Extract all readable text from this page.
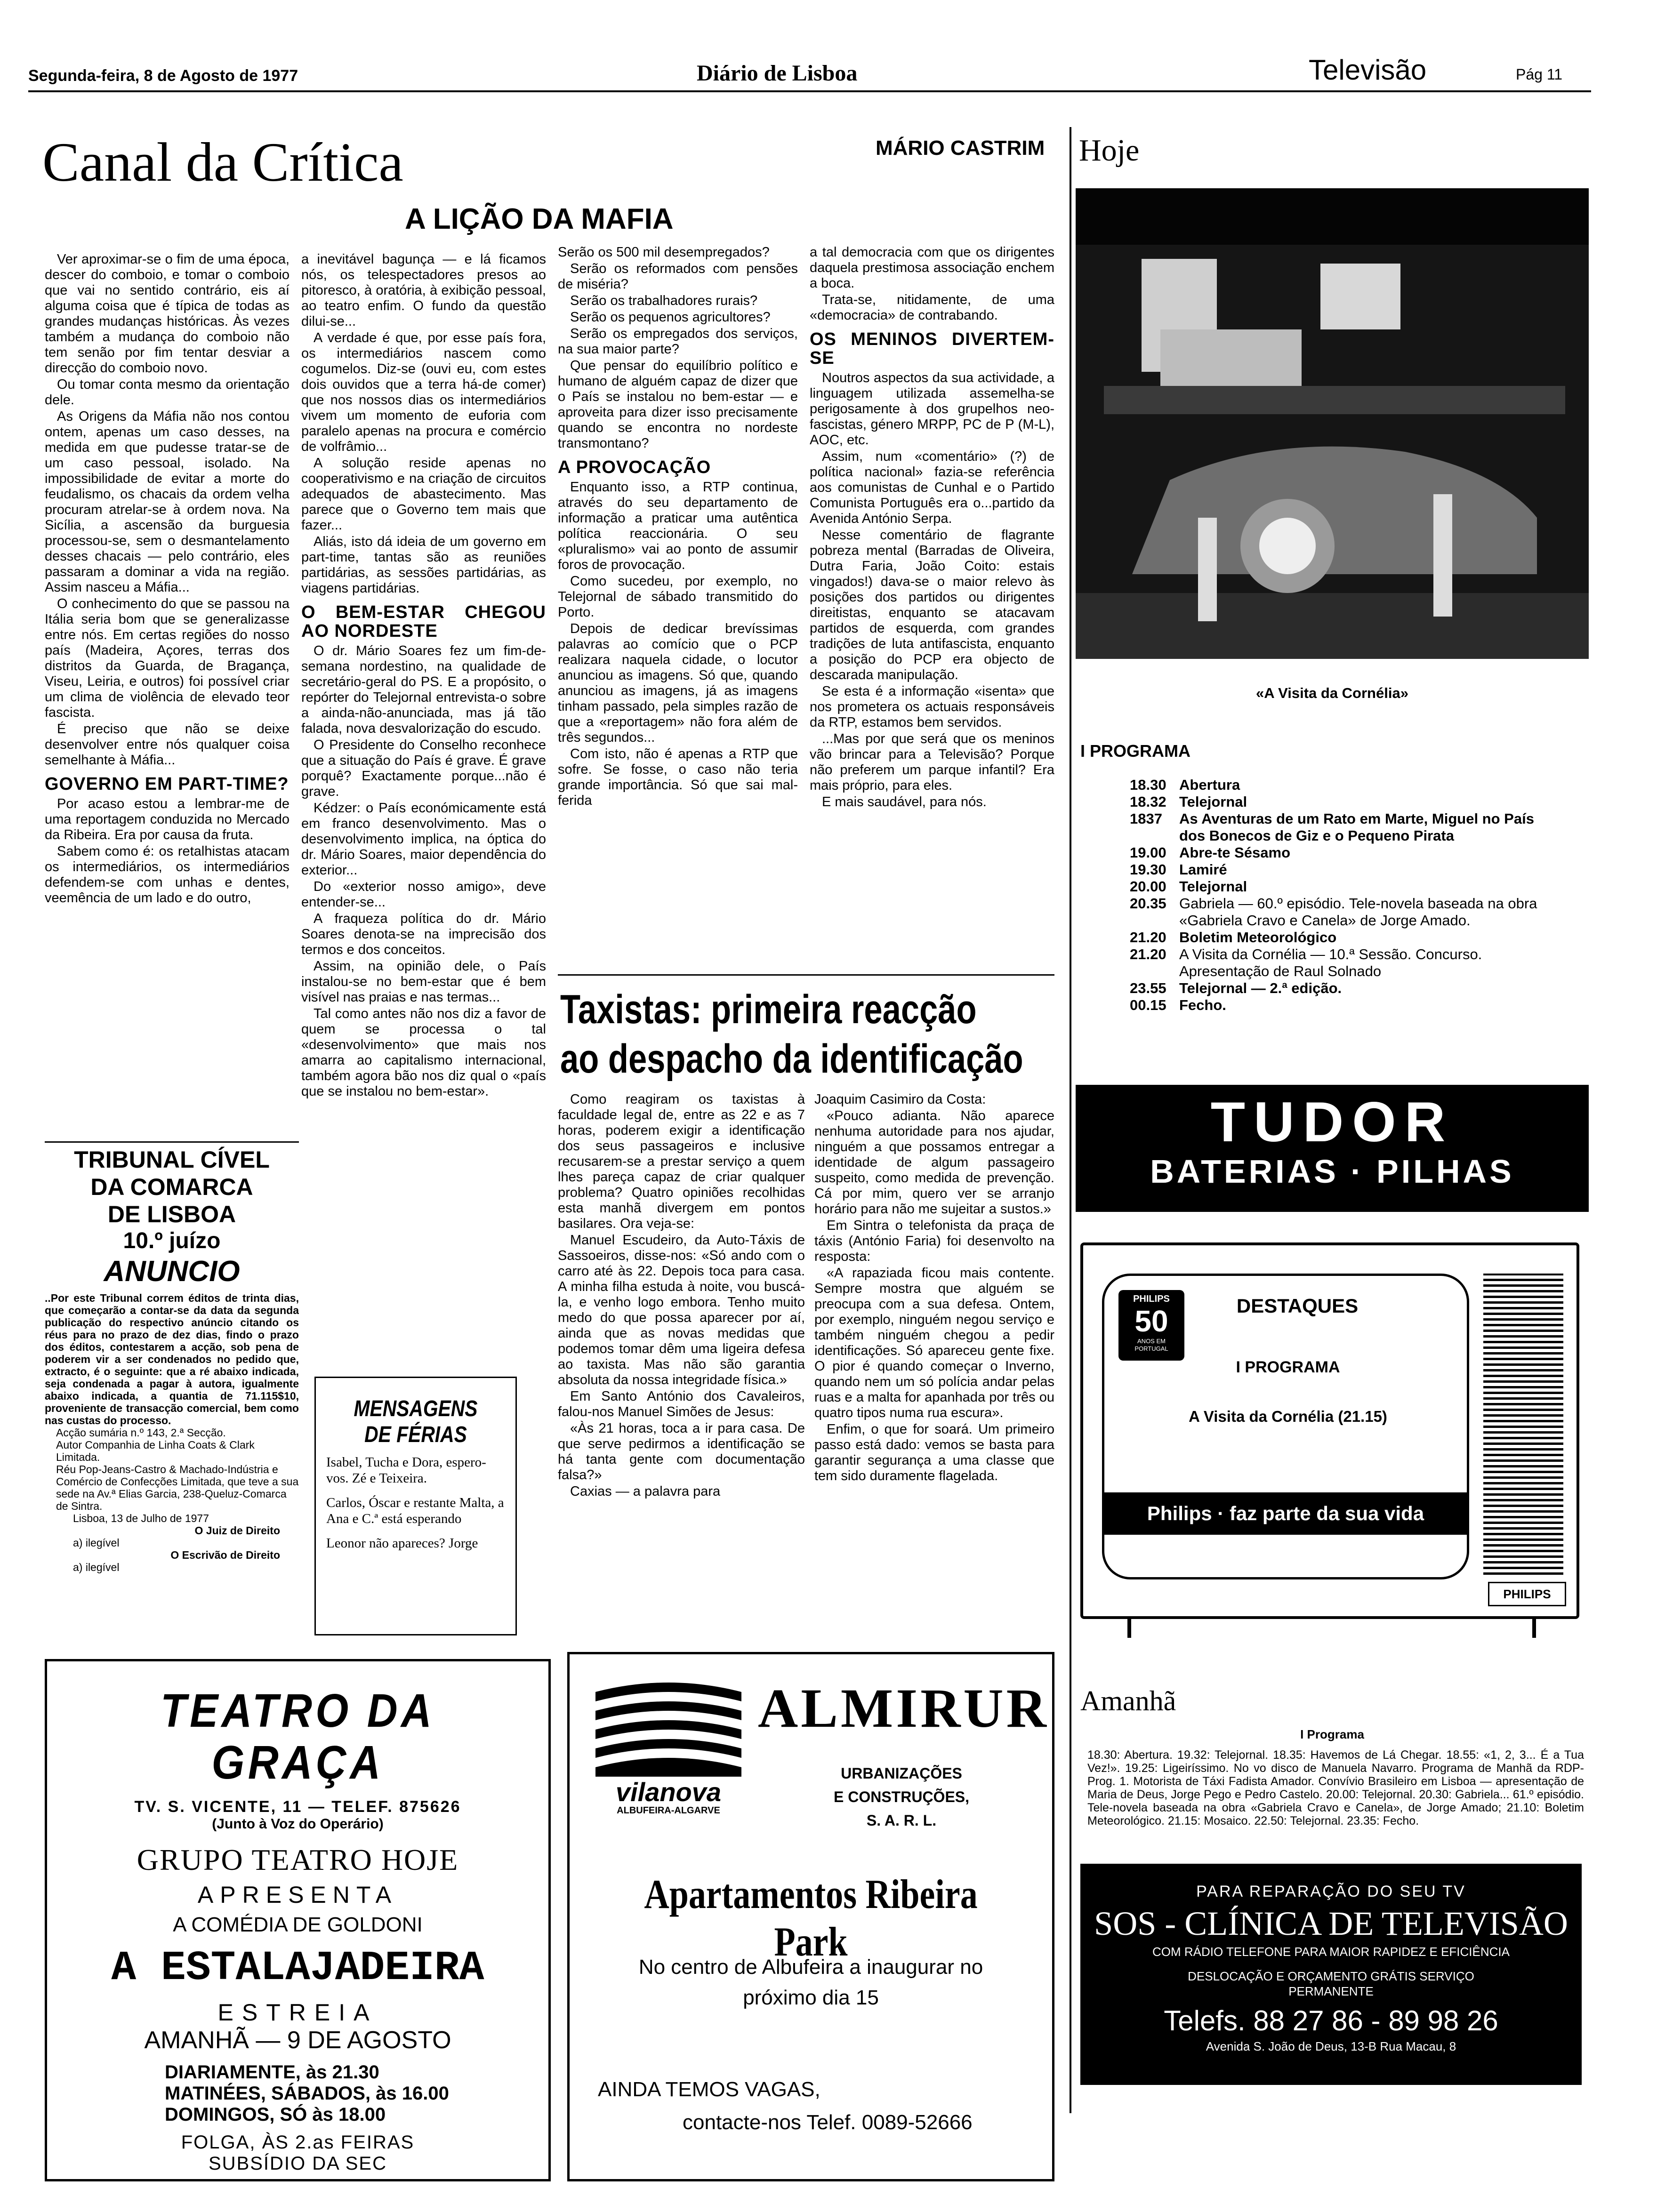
Segunda-feira, 8 de Agosto de 1977	Diário de Lisboa	Televisão	Pág 11
Canal da Crítica	MÁRIO CASTRIM
A LIÇÃO DA MAFIA

Ver aproximar-se o fim de uma época, descer do comboio, e tomar o comboio que vai no sentido contrário, eis aí alguma coisa que é típica de todas as grandes mudanças históricas. Às vezes também a mudança do comboio não tem senão por fim tentar desviar a direcção do comboio novo.

Ou tomar conta mesmo da orientação dele.

As Origens da Máfia não nos contou ontem, apenas um caso desses, na medida em que pudesse tratar-se de um caso pessoal, isolado. Na impossibilidade de evitar a morte do feudalismo, os chacais da ordem velha procuram atrelar-se à ordem nova. Na Sicília, a ascensão da burguesia processou-se, sem o desmantelamento desses chacais — pelo contrário, eles passaram a dominar a vida na região. Assim nasceu a Máfia...

O conhecimento do que se passou na Itália seria bom que se generalizasse entre nós. Em certas regiões do nosso país (Madeira, Açores, terras dos distritos da Guarda, de Bragança, Viseu, Leiria, e outros) foi possível criar um clima de violência de elevado teor fascista.

É preciso que não se deixe desenvolver entre nós qualquer coisa semelhante à Máfia...

GOVERNO EM PART-TIME?

Por acaso estou a lembrar-me de uma reportagem conduzida no Mercado da Ribeira. Era por causa da fruta.

Sabem como é: os retalhistas atacam os intermediários, os intermediários defendem-se com unhas e dentes, veemência de um lado e do outro,

a inevitável bagunça — e lá ficamos nós, os telespectadores presos ao pitoresco, à oratória, à exibição pessoal, ao teatro enfim. O fundo da questão dilui-se...

A verdade é que, por esse país fora, os intermediários nascem como cogumelos. Diz-se (ouvi eu, com estes dois ouvidos que a terra há-de comer) que nos nossos dias os intermediários vivem um momento de euforia com paralelo apenas na procura e comércio de volfrâmio...

A solução reside apenas no cooperativismo e na criação de circuitos adequados de abastecimento. Mas parece que o Governo tem mais que fazer...

Aliás, isto dá ideia de um governo em part-time, tantas são as reuniões partidárias, as sessões partidárias, as viagens partidárias.

O BEM-ESTAR CHEGOU AO NORDESTE

O dr. Mário Soares fez um fim-de-semana nordestino, na qualidade de secretário-geral do PS. E a propósito, o repórter do Telejornal entrevista-o sobre a ainda-não-anunciada, mas já tão falada, nova desvalorização do escudo.

O Presidente do Conselho reconhece que a situação do País é grave. É grave porquê? Exactamente porque...não é grave.

Kédzer: o País económicamente está em franco desenvolvimento. Mas o desenvolvimento implica, na óptica do dr. Mário Soares, maior dependência do exterior...

Do «exterior nosso amigo», deve entender-se...

A fraqueza política do dr. Mário Soares denota-se na imprecisão dos termos e dos conceitos.

Assim, na opinião dele, o País instalou-se no bem-estar que é bem visível nas praias e nas termas...

Tal como antes não nos diz a favor de quem se processa o tal «desenvolvimento» que mais nos amarra ao capitalismo internacional, também agora bão nos diz qual o «país que se instalou no bem-estar».

Serão os 500 mil desempregados?

Serão os reformados com pensões de miséria?

Serão os trabalhadores rurais?

Serão os pequenos agricultores?

Serão os empregados dos serviços, na sua maior parte?

Que pensar do equilíbrio político e humano de alguém capaz de dizer que o País se instalou no bem-estar — e aproveita para dizer isso precisamente quando se encontra no nordeste transmontano?

A PROVOCAÇÃO

Enquanto isso, a RTP continua, através do seu departamento de informação a praticar uma autêntica política reaccionária. O seu «pluralismo» vai ao ponto de assumir foros de provocação.

Como sucedeu, por exemplo, no Telejornal de sábado transmitido do Porto.

Depois de dedicar brevíssimas palavras ao comício que o PCP realizara naquela cidade, o locutor anunciou as imagens. Só que, quando anunciou as imagens, já as imagens tinham passado, pela simples razão de que a «reportagem» não fora além de três segundos...

Com isto, não é apenas a RTP que sofre. Se fosse, o caso não teria grande importância. Só que sai mal-ferida

a tal democracia com que os dirigentes daquela prestimosa associação enchem a boca.

Trata-se, nitidamente, de uma «democracia» de contrabando.

OS MENINOS DIVERTEM-SE

Noutros aspectos da sua actividade, a linguagem utilizada assemelha-se perigosamente à dos grupelhos neo-fascistas, género MRPP, PC de P (M-L), AOC, etc.

Assim, num «comentário» (?) de política nacional» fazia-se referência aos comunistas de Cunhal e o Partido Comunista Português era o...partido da Avenida António Serpa.

Nesse comentário de flagrante pobreza mental (Barradas de Oliveira, Dutra Faria, João Coito: estais vingados!) dava-se o maior relevo às posições dos partidos ou dirigentes direitistas, enquanto se atacavam partidos de esquerda, com grandes tradições de luta antifascista, enquanto a posição do PCP era objecto de descarada manipulação.

Se esta é a informação «isenta» que nos prometera os actuais responsáveis da RTP, estamos bem servidos.

...Mas por que será que os meninos vão brincar para a Televisão? Porque não preferem um parque infantil? Era mais próprio, para eles.

E mais saudável, para nós.

Taxistas: primeira reacção
ao despacho da identificação

Como reagiram os taxistas à faculdade legal de, entre as 22 e as 7 horas, poderem exigir a identificação dos seus passageiros e inclusive recusarem-se a prestar serviço a quem lhes pareça capaz de criar qualquer problema? Quatro opiniões recolhidas esta manhã divergem em pontos basilares. Ora veja-se:

Manuel Escudeiro, da Auto-Táxis de Sassoeiros, disse-nos: «Só ando com o carro até às 22. Depois toca para casa. A minha filha estuda à noite, vou buscá-la, e venho logo embora. Tenho muito medo do que possa aparecer por aí, ainda que as novas medidas que podemos tomar dêm uma ligeira defesa ao taxista. Mas não são garantia absoluta da nossa integridade física.»

Em Santo António dos Cavaleiros, falou-nos Manuel Simões de Jesus:

«Às 21 horas, toca a ir para casa. De que serve pedirmos a identificação se há tanta gente com documentação falsa?»

Caxias — a palavra para

Joaquim Casimiro da Costa:

«Pouco adianta. Não aparece nenhuma autoridade para nos ajudar, ninguém a que possamos entregar a identidade de algum passageiro suspeito, como medida de prevenção. Cá por mim, quero ver se arranjo horário para não me sujeitar a sustos.»

Em Sintra o telefonista da praça de táxis (António Faria) foi desenvolto na resposta:

«A rapaziada ficou mais contente. Sempre mostra que alguém se preocupa com a sua defesa. Ontem, por exemplo, ninguém negou serviço e também ninguém chegou a pedir identificações. Só apareceu gente fixe. O pior é quando começar o Inverno, quando nem um só polícia andar pelas ruas e a malta for apanhada por três ou quatro tipos numa rua escura».

Enfim, o que for soará. Um primeiro passo está dado: vemos se basta para garantir segurança a uma classe que tem sido duramente flagelada.

TRIBUNAL CÍVEL
DA COMARCA
DE LISBOA
10.º juízo
ANUNCIO
..Por este Tribunal correm éditos de trinta dias, que começarão a contar-se da data da segunda publicação do respectivo anúncio citando os réus para no prazo de dez dias, findo o prazo dos éditos, contestarem a acção, sob pena de poderem vir a ser condenados no pedido que, extracto, é o seguinte: que a ré abaixo indicada, seja condenada a pagar à autora, igualmente abaixo indicada, a quantia de 71.115$10, proveniente de transacção comercial, bem como nas custas do processo.
Acção sumária n.º 143, 2.ª Secção.
Autor Companhia de Linha Coats & Clark Limitada.
Réu Pop-Jeans-Castro & Machado-Indústria e Comércio de Confecções Limitada, que teve a sua sede na Av.ª Elias Garcia, 238-Queluz-Comarca de Sintra.
Lisboa, 13 de Julho de 1977
O Juiz de Direito
a) ilegível
O Escrivão de Direito
a) ilegível
MENSAGENS
DE FÉRIAS
Isabel, Tucha e Dora, espero-vos. Zé e Teixeira.
Carlos, Óscar e restante Malta, a Ana e C.ª está esperando
Leonor não apareces? Jorge
Hoje
«A Visita da Cornélia»
I PROGRAMA
18.30 Abertura
18.32 Telejornal
1837	As Aventuras de um Rato em Marte, Miguel no País dos Bonecos de Giz e o Pequeno Pirata
19.00 Abre-te Sésamo
19.30 Lamiré
20.00 Telejornal
20.35 Gabriela — 60.º episódio. Tele-novela baseada na obra «Gabriela Cravo e Canela» de Jorge Amado.
21.20 Boletim Meteorológico
21.20 A Visita da Cornélia — 10.ª Sessão. Concurso. Apresentação de Raul Solnado
23.55 Telejornal — 2.ª edição.
00.15 Fecho.
TUDOR
BATERIAS · PILHAS
PHILIPS
50
ANOS EM PORTUGAL
DESTAQUES
I PROGRAMA
A Visita da Cornélia (21.15)
Philips · faz parte da sua vida
PHILIPS
Amanhã
I Programa
18.30: Abertura. 19.32: Telejornal. 18.35: Havemos de Lá Chegar. 18.55: «1, 2, 3... É a Tua Vez!». 19.25: Ligeiríssimo. No vo disco de Manuela Navarro. Programa de Manhã da RDP-Prog. 1. Motorista de Táxi Fadista Amador. Convívio Brasileiro em Lisboa — apresentação de Maria de Deus, Jorge Pego e Pedro Castelo. 20.00: Telejornal. 20.30: Gabriela... 61.º episódio. Tele-novela baseada na obra «Gabriela Cravo e Canela», de Jorge Amado; 21.10: Boletim Meteorológico. 21.15: Mosaico. 22.50: Telejornal. 23.35: Fecho.
PARA REPARAÇÃO DO SEU TV
SOS - CLÍNICA DE TELEVISÃO
COM RÁDIO TELEFONE PARA MAIOR RAPIDEZ E EFICIÊNCIA
DESLOCAÇÃO E ORÇAMENTO GRÁTIS SERVIÇO PERMANENTE
Telefs. 88 27 86 - 89 98 26
Avenida S. João de Deus, 13-B Rua Macau, 8
TEATRO DA GRAÇA
TV. S. VICENTE, 11 — TELEF. 875626
(Junto à Voz do Operário)
GRUPO TEATRO HOJE
APRESENTA
A COMÉDIA DE GOLDONI
A ESTALAJADEIRA
ESTREIA
AMANHÃ — 9 DE AGOSTO
DIARIAMENTE, às 21.30
MATINÉES, SÁBADOS, às 16.00
DOMINGOS, SÓ às 18.00
FOLGA, ÀS 2.as FEIRAS
SUBSÍDIO DA SEC
vilanova
ALBUFEIRA-ALGARVE
ALMIRUR
URBANIZAÇÕES
E CONSTRUÇÕES,
S. A. R. L.
Apartamentos Ribeira Park
No centro de Albufeira a inaugurar no
próximo dia 15
AINDA TEMOS VAGAS,
contacte-nos Telef. 0089-52666
